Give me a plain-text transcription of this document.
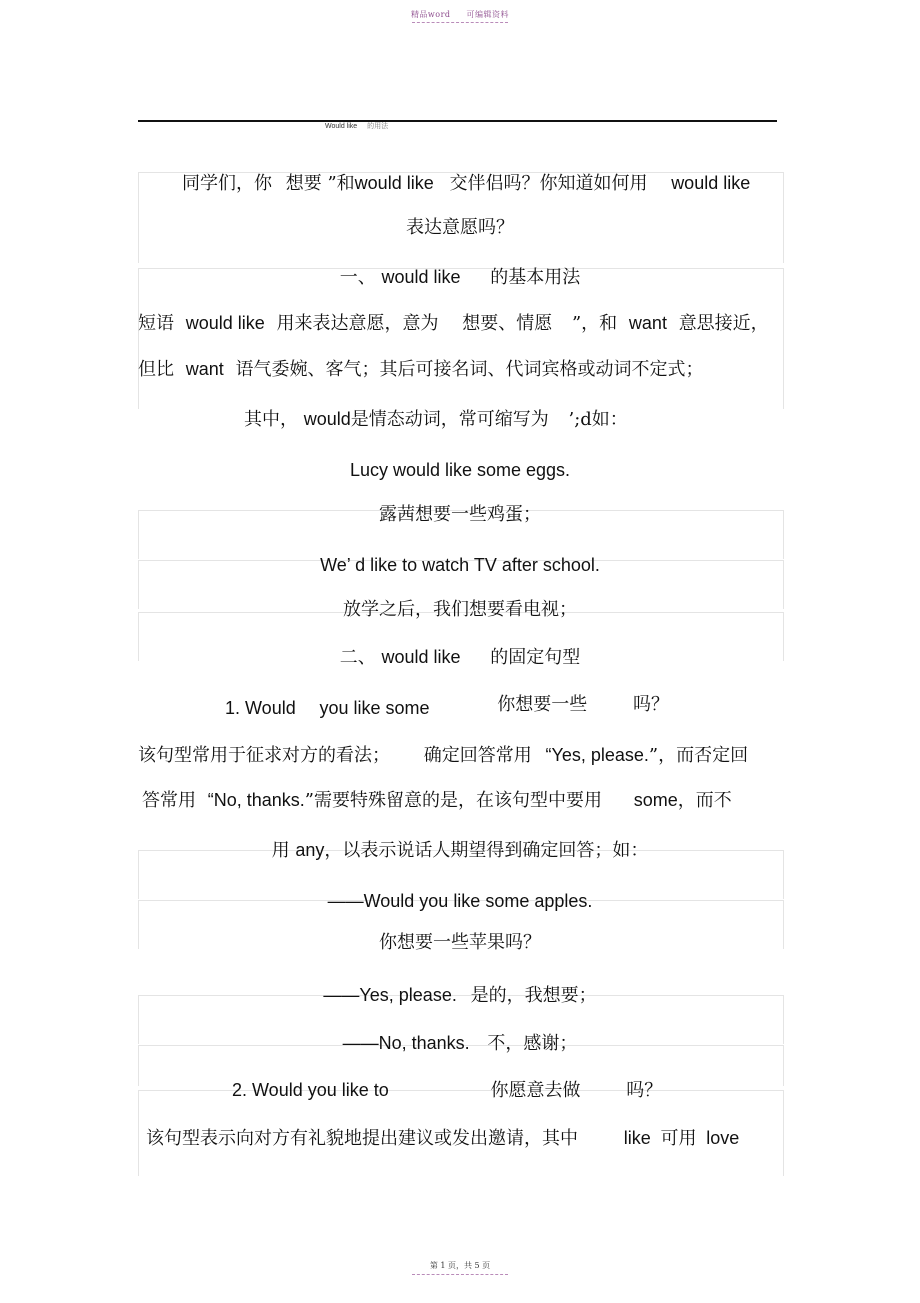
精品word 可编辑资料
Would like 的用法
同学们，你 想要 ”和would like 交伴侣吗？你知道如何用 would like
表达意愿吗？
一、 would like 的基本用法
短语 would like 用来表达意愿，意为 想要、情愿 ”，和 want 意思接近，
但比 want 语气委婉、客气；其后可接名词、代词宾格或动词不定式；
其中， would是情态动词，常可缩写为 ’;d如：
Lucy would like some eggs.
露茜想要一些鸡蛋；
We’ d like to watch TV after school.
放学之后，我们想要看电视；
二、 would like 的固定句型
1. Would you like some	你想要一些	吗？
该句型常用于征求对方的看法； 确定回答常用 “Yes, please.”，而否定回
答常用 “No, thanks.”需要特殊留意的是，在该句型中要用 some，而不
用 any，以表示说话人期望得到确定回答；如：
——Would you like some apples.
你想要一些苹果吗？
——Yes, please. 是的，我想要；
——No, thanks. 不，感谢；
2. Would you like to	你愿意去做	吗？
该句型表示向对方有礼貌地提出建议或发出邀请，其中	like 可用 love
第 1 页，共 5 页
